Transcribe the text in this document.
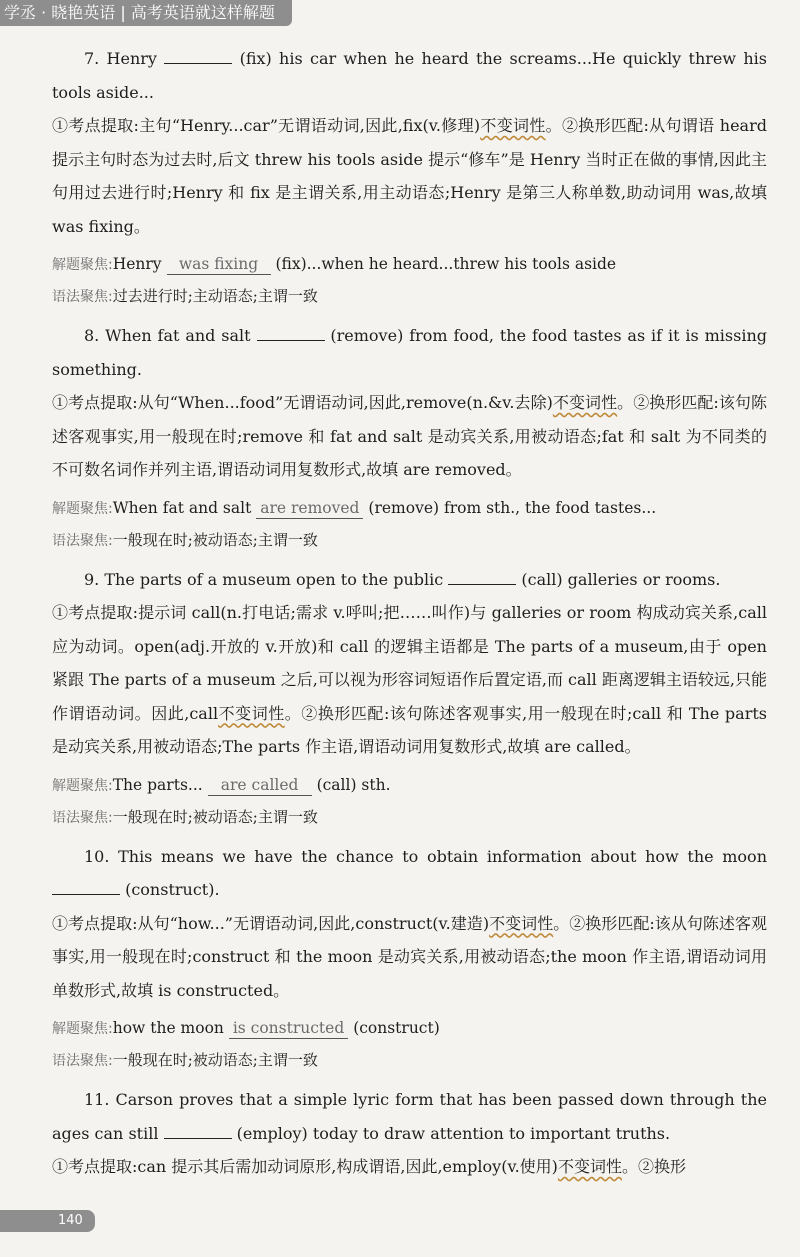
学丞 · 晓艳英语 | 高考英语就这样解题

7. Henry	(fix) his car when he heard the screams...He quickly threw his tools aside...

①考点提取:主句“Henry...car”无谓语动词,因此,fix(v.修理)不变词性。②换形匹配:从句谓语 heard 提示主句时态为过去时,后文 threw his tools aside 提示“修车”是 Henry 当时正在做的事情,因此主句用过去进行时;Henry 和 fix 是主谓关系,用主动语态;Henry 是第三人称单数,助动词用 was,故填 was fixing。

解题聚焦:Henry was fixing (fix)...when he heard...threw his tools aside

语法聚焦:过去进行时;主动语态;主谓一致

8. When fat and salt	(remove) from food, the food tastes as if it is missing something.

①考点提取:从句“When...food”无谓语动词,因此,remove(n.&v.去除)不变词性。②换形匹配:该句陈述客观事实,用一般现在时;remove 和 fat and salt 是动宾关系,用被动语态;fat 和 salt 为不同类的不可数名词作并列主语,谓语动词用复数形式,故填 are removed。

解题聚焦:When fat and salt are removed (remove) from sth., the food tastes...

语法聚焦:一般现在时;被动语态;主谓一致

9. The parts of a museum open to the public	(call) galleries or rooms.

①考点提取:提示词 call(n.打电话;需求 v.呼叫;把……叫作)与 galleries or room 构成动宾关系,call 应为动词。open(adj.开放的 v.开放)和 call 的逻辑主语都是 The parts of a museum,由于 open 紧跟 The parts of a museum 之后,可以视为形容词短语作后置定语,而 call 距离逻辑主语较远,只能作谓语动词。因此,call不变词性。②换形匹配:该句陈述客观事实,用一般现在时;call 和 The parts 是动宾关系,用被动语态;The parts 作主语,谓语动词用复数形式,故填 are called。

解题聚焦:The parts... are called (call) sth.

语法聚焦:一般现在时;被动语态;主谓一致

10. This means we have the chance to obtain information about how the moon  (construct).

①考点提取:从句“how...”无谓语动词,因此,construct(v.建造)不变词性。②换形匹配:该从句陈述客观事实,用一般现在时;construct 和 the moon 是动宾关系,用被动语态;the moon 作主语,谓语动词用单数形式,故填 is constructed。

解题聚焦:how the moon is constructed (construct)

语法聚焦:一般现在时;被动语态;主谓一致

11. Carson proves that a simple lyric form that has been passed down through the ages can still	(employ) today to draw attention to important truths.

①考点提取:can 提示其后需加动词原形,构成谓语,因此,employ(v.使用)不变词性。②换形

140
